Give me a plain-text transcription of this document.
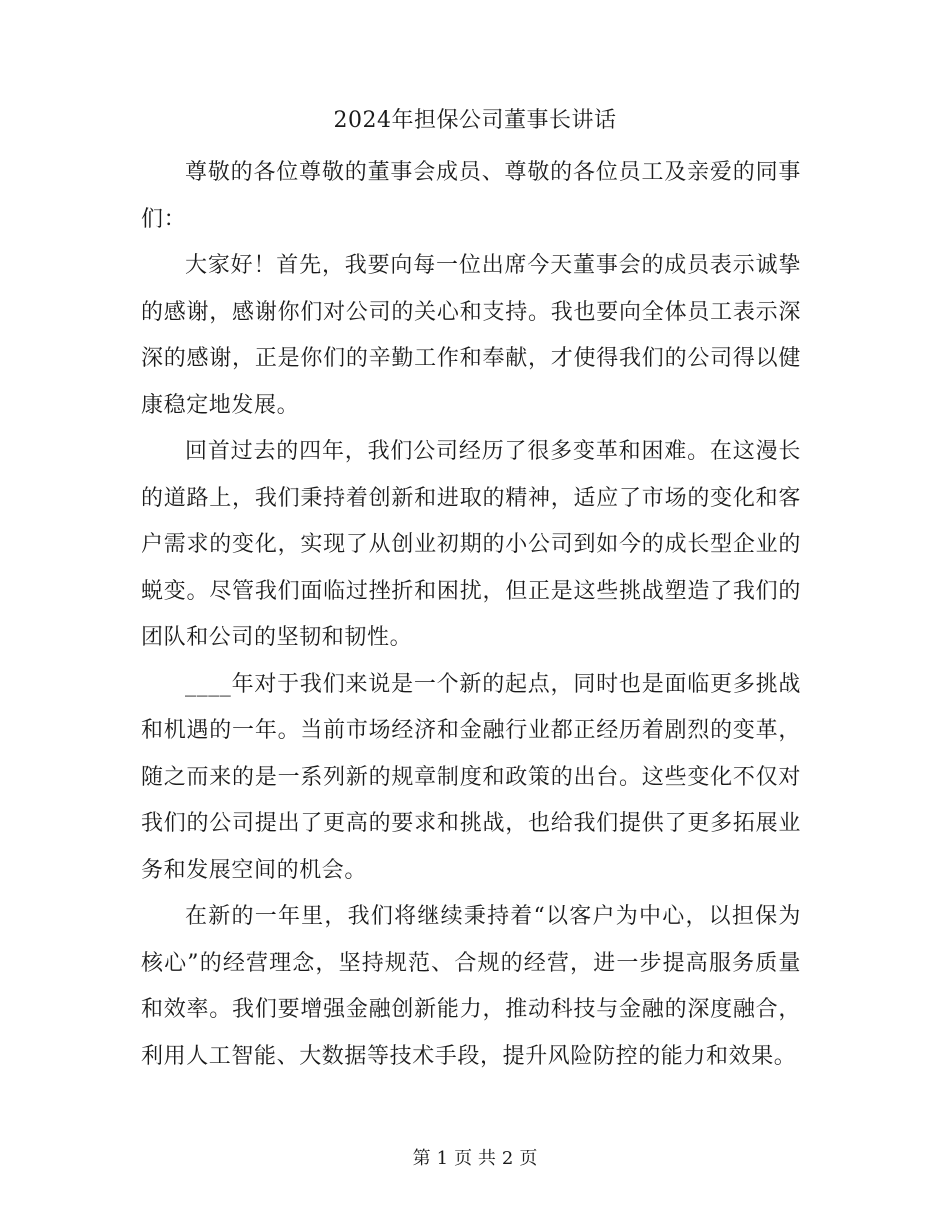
2024年担保公司董事长讲话

尊敬的各位尊敬的董事会成员、尊敬的各位员工及亲爱的同事们：

大家好！首先，我要向每一位出席今天董事会的成员表示诚挚的感谢，感谢你们对公司的关心和支持。我也要向全体员工表示深深的感谢，正是你们的辛勤工作和奉献，才使得我们的公司得以健康稳定地发展。

回首过去的四年，我们公司经历了很多变革和困难。在这漫长的道路上，我们秉持着创新和进取的精神，适应了市场的变化和客户需求的变化，实现了从创业初期的小公司到如今的成长型企业的蜕变。尽管我们面临过挫折和困扰，但正是这些挑战塑造了我们的团队和公司的坚韧和韧性。

____年对于我们来说是一个新的起点，同时也是面临更多挑战和机遇的一年。当前市场经济和金融行业都正经历着剧烈的变革，随之而来的是一系列新的规章制度和政策的出台。这些变化不仅对我们的公司提出了更高的要求和挑战，也给我们提供了更多拓展业务和发展空间的机会。

在新的一年里，我们将继续秉持着“以客户为中心，以担保为核心”的经营理念，坚持规范、合规的经营，进一步提高服务质量和效率。我们要增强金融创新能力，推动科技与金融的深度融合，利用人工智能、大数据等技术手段，提升风险防控的能力和效果。

第 1 页 共 2 页
